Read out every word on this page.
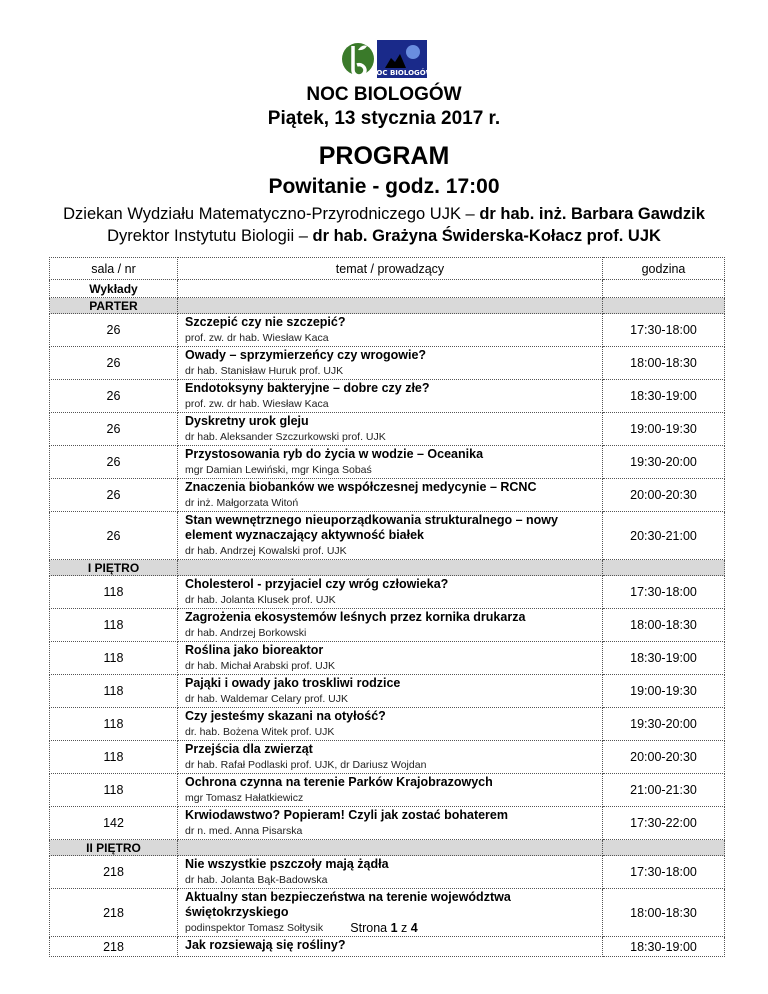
NOC BIOLOGÓW
NOC BIOLOGÓW
Piątek, 13 stycznia 2017 r.
PROGRAM
Powitanie - godz. 17:00
Dziekan Wydziału Matematyczno-Przyrodniczego UJK – dr hab. inż. Barbara Gawdzik
Dyrektor Instytutu Biologii – dr hab. Grażyna Świderska-Kołacz prof. UJK
sala / nr	temat / prowadzący	godzina
Wykłady		
PARTER		
26	Szczepić czy nie szczepić?
prof. zw. dr hab. Wiesław Kaca	17:30-18:00
26	Owady – sprzymierzeńcy czy wrogowie?
dr hab. Stanisław Huruk prof. UJK	18:00-18:30
26	Endotoksyny bakteryjne – dobre czy złe?
prof. zw. dr hab. Wiesław Kaca	18:30-19:00
26	Dyskretny urok gleju
dr hab. Aleksander Szczurkowski prof. UJK	19:00-19:30
26	Przystosowania ryb do życia w wodzie – Oceanika
mgr Damian Lewiński, mgr Kinga Sobaś	19:30-20:00
26	Znaczenia biobanków we współczesnej medycynie – RCNC
dr inż. Małgorzata Witoń	20:00-20:30
26	Stan wewnętrznego nieuporządkowania strukturalnego – nowy element wyznaczający aktywność białek
dr hab. Andrzej Kowalski prof. UJK	20:30-21:00
I PIĘTRO		
118	Cholesterol - przyjaciel czy wróg człowieka?
dr hab. Jolanta Klusek prof. UJK	17:30-18:00
118	Zagrożenia ekosystemów leśnych przez kornika drukarza
dr hab. Andrzej Borkowski	18:00-18:30
118	Roślina jako bioreaktor
dr hab. Michał Arabski prof. UJK	18:30-19:00
118	Pająki i owady jako troskliwi rodzice
dr hab. Waldemar Celary prof. UJK	19:00-19:30
118	Czy jesteśmy skazani na otyłość?
dr. hab. Bożena Witek prof. UJK	19:30-20:00
118	Przejścia dla zwierząt
dr hab. Rafał Podlaski prof. UJK, dr Dariusz Wojdan	20:00-20:30
118	Ochrona czynna na terenie Parków Krajobrazowych
mgr Tomasz Hałatkiewicz	21:00-21:30
142	Krwiodawstwo? Popieram! Czyli jak zostać bohaterem
dr n. med. Anna Pisarska	17:30-22:00
II PIĘTRO		
218	Nie wszystkie pszczoły mają żądła
dr hab. Jolanta Bąk-Badowska	17:30-18:00
218	Aktualny stan bezpieczeństwa na terenie województwa świętokrzyskiego
podinspektor Tomasz Sołtysik	18:00-18:30
218	Jak rozsiewają się rośliny?	18:30-19:00
Strona 1 z 4
